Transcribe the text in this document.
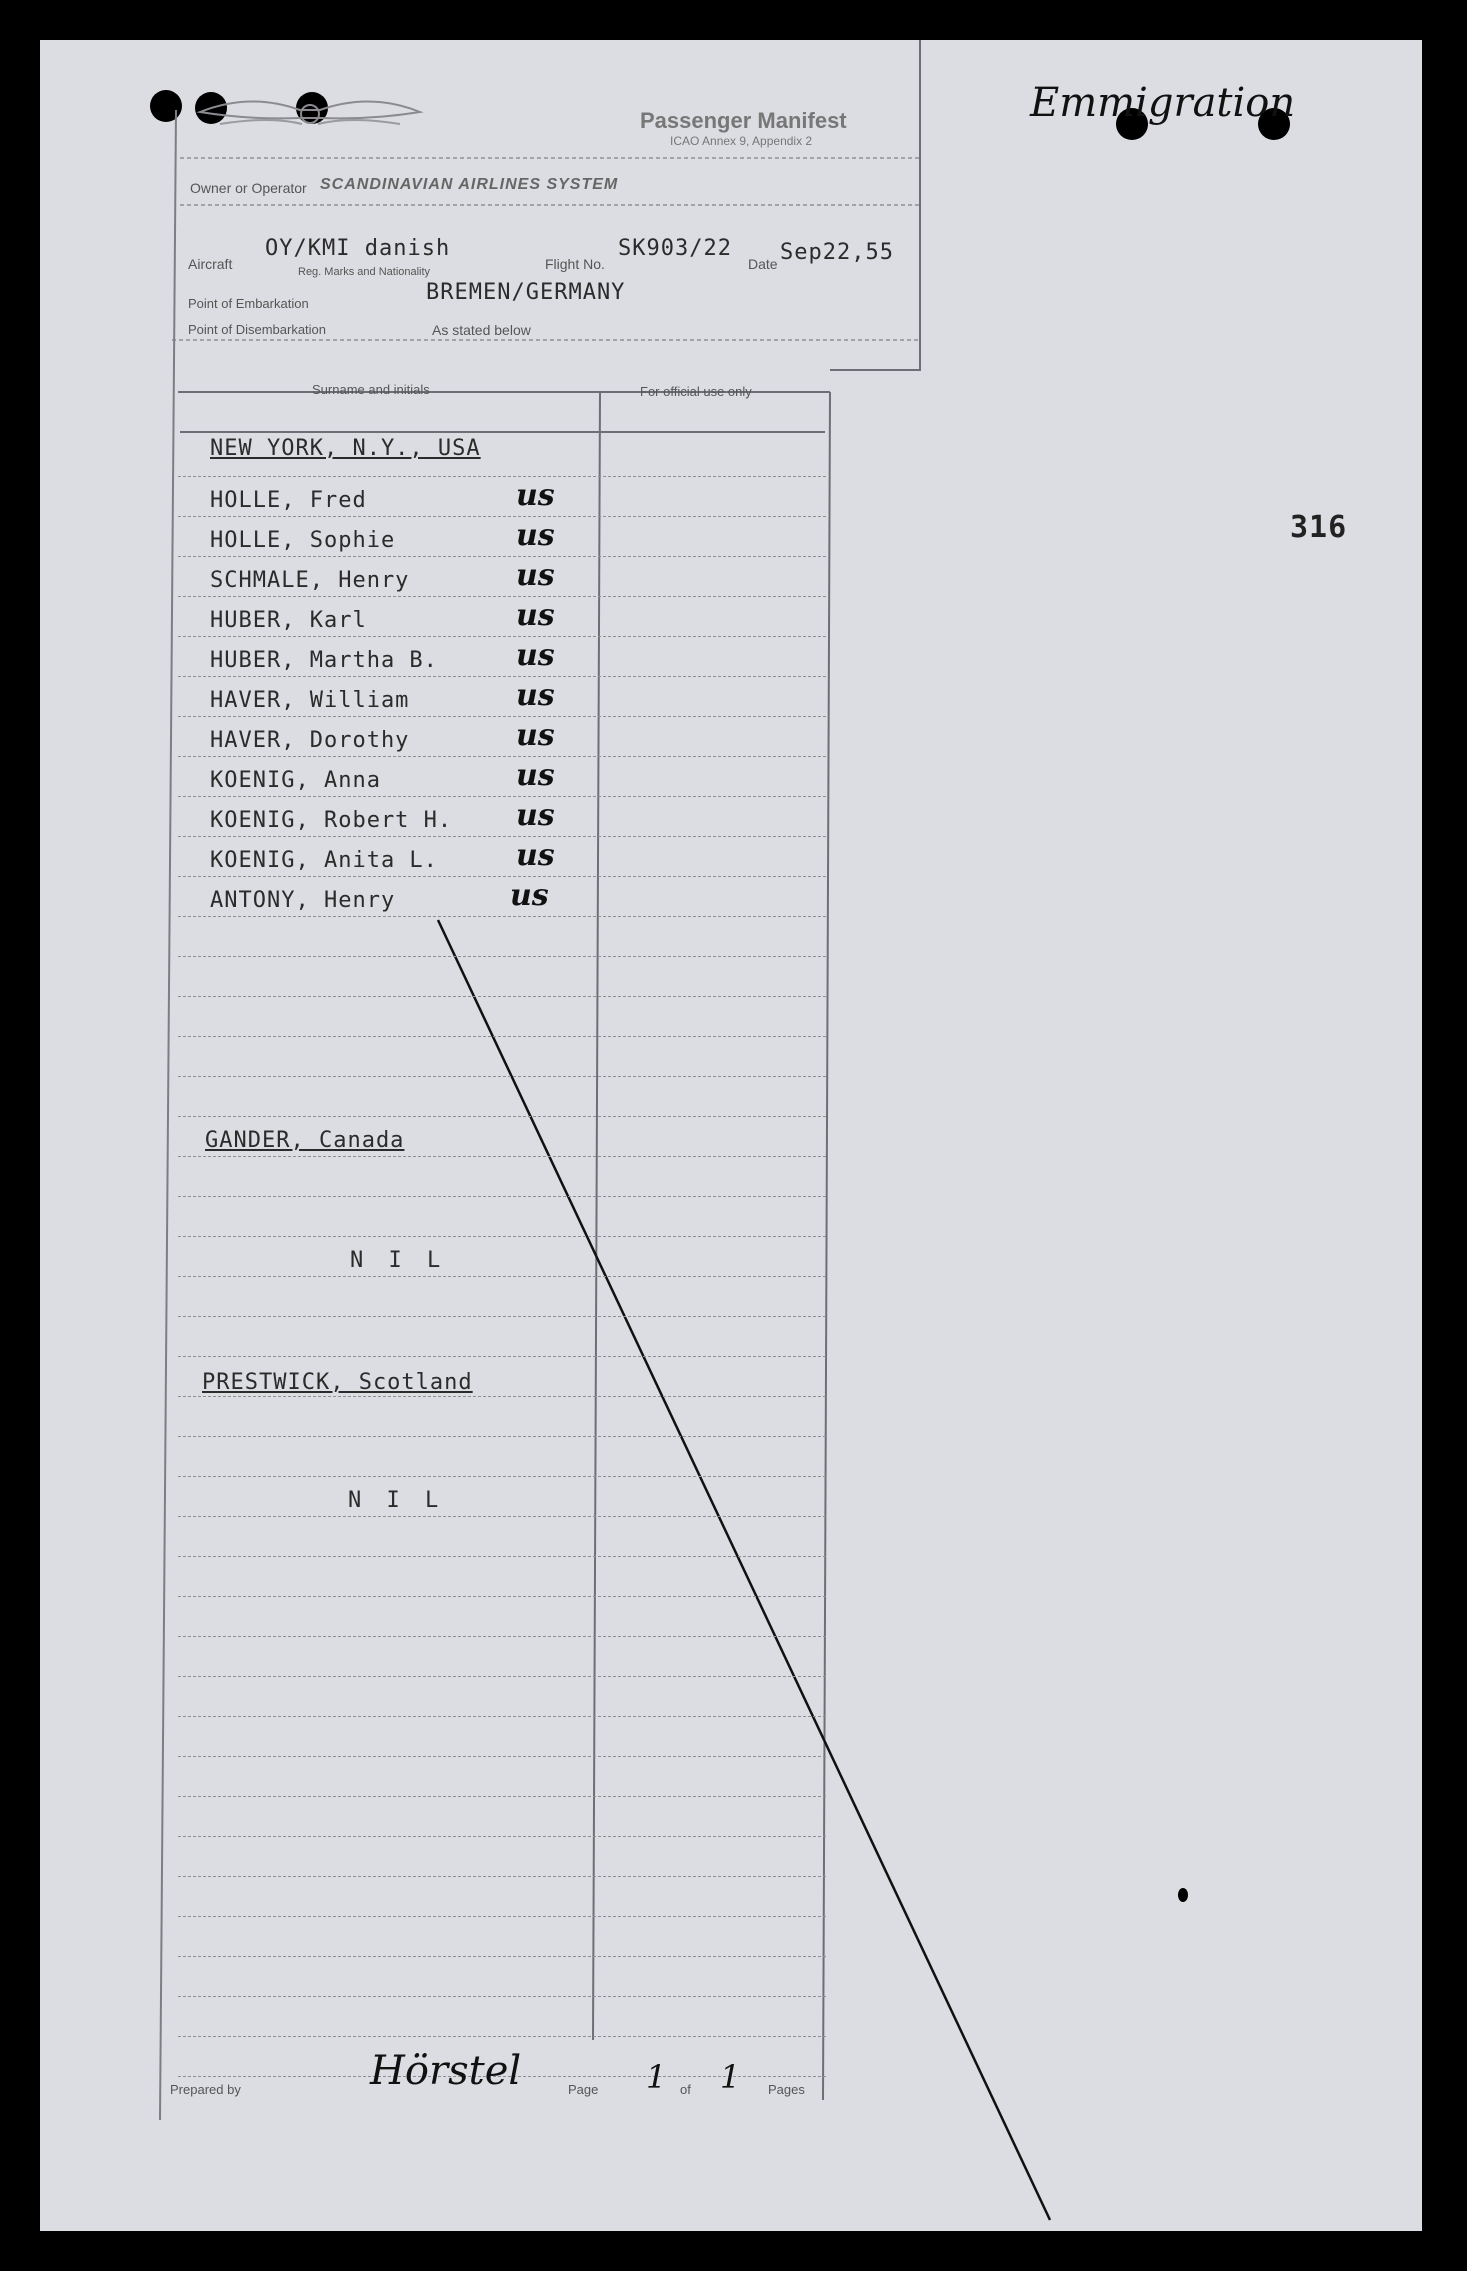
Passenger Manifest
ICAO Annex 9, Appendix 2
Emmigration
316
Owner or Operator SCANDINAVIAN AIRLINES SYSTEM
Aircraft
OY/KMI danish
Reg. Marks and Nationality	Flight No.
SK903/22
Date Sep22,55
Point of Embarkation	BREMEN/GERMANY
Point of Disembarkation	As stated below
Surname and initials	For official use only
NEW YORK, N.Y., USA
HOLLE, Fred	us
HOLLE, Sophie	us
SCHMALE, Henry	us
HUBER, Karl	us
HUBER, Martha B.	us
HAVER, William	us
HAVER, Dorothy	us
KOENIG, Anna	us
KOENIG, Robert H. us
KOENIG, Anita L.	us
ANTONY, Henry	us
GANDER, Canada
N I L
PRESTWICK, Scotland
N I L
Prepared by	Hörstel	Page 1 of 1 Pages
